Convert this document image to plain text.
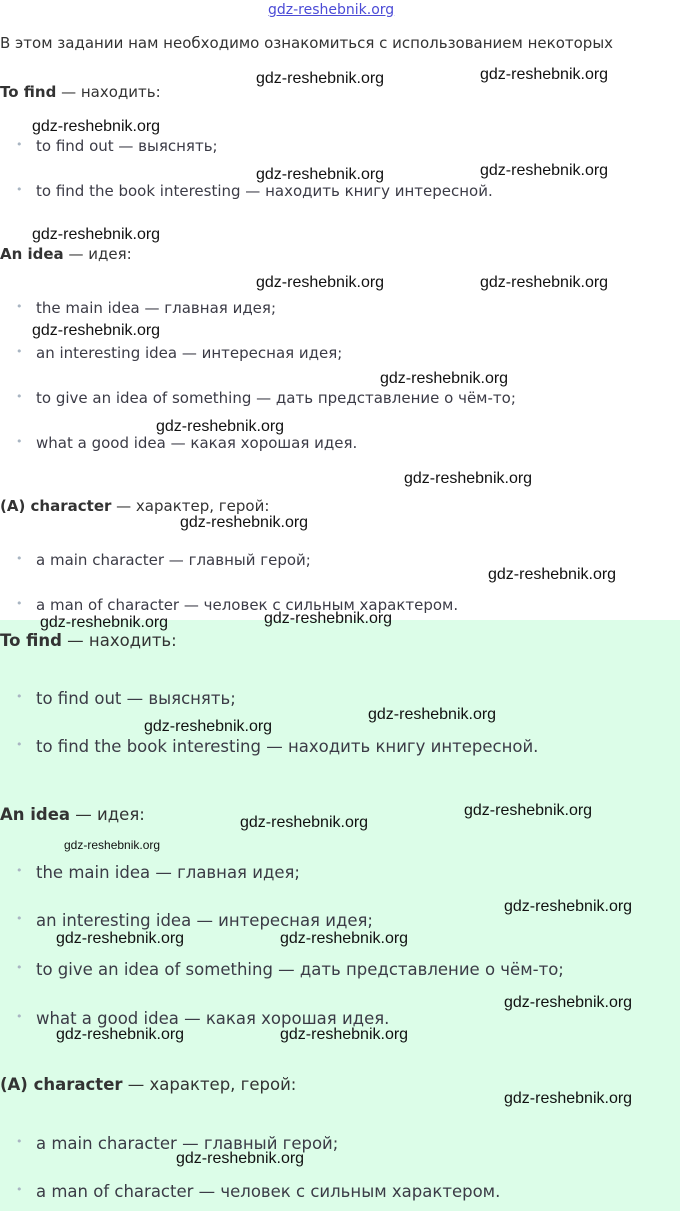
gdz-reshebnik.org
В этом задании нам необходимо ознакомиться с использованием некоторых
To find — находить:
• to find out — выяснять;
• to find the book interesting — находить книгу интересной.
An idea — идея:
• the main idea — главная идея;
• an interesting idea — интересная идея;
• to give an idea of something — дать представление о чём-то;
• what a good idea — какая хорошая идея.
(A) character — характер, герой:
• a main character — главный герой;
• a man of character — человек с сильным характером.
To find — находить:
• to find out — выяснять;
• to find the book interesting — находить книгу интересной.
An idea — идея:
• the main idea — главная идея;
• an interesting idea — интересная идея;
• to give an idea of something — дать представление о чём-то;
• what a good idea — какая хорошая идея.
(A) character — характер, герой:
• a main character — главный герой;
• a man of character — человек с сильным характером.
gdz-reshebnik.org	gdz-reshebnik.org
gdz-reshebnik.org
gdz-reshebnik.org	gdz-reshebnik.org
gdz-reshebnik.org
gdz-reshebnik.org	gdz-reshebnik.org
gdz-reshebnik.org
gdz-reshebnik.org
gdz-reshebnik.org
gdz-reshebnik.org
gdz-reshebnik.org
gdz-reshebnik.org
gdz-reshebnik.org	gdz-reshebnik.org
gdz-reshebnik.org
gdz-reshebnik.org
gdz-reshebnik.org
gdz-reshebnik.org
gdz-reshebnik.org
gdz-reshebnik.org
gdz-reshebnik.org	gdz-reshebnik.org
gdz-reshebnik.org
gdz-reshebnik.org	gdz-reshebnik.org
gdz-reshebnik.org
gdz-reshebnik.org
